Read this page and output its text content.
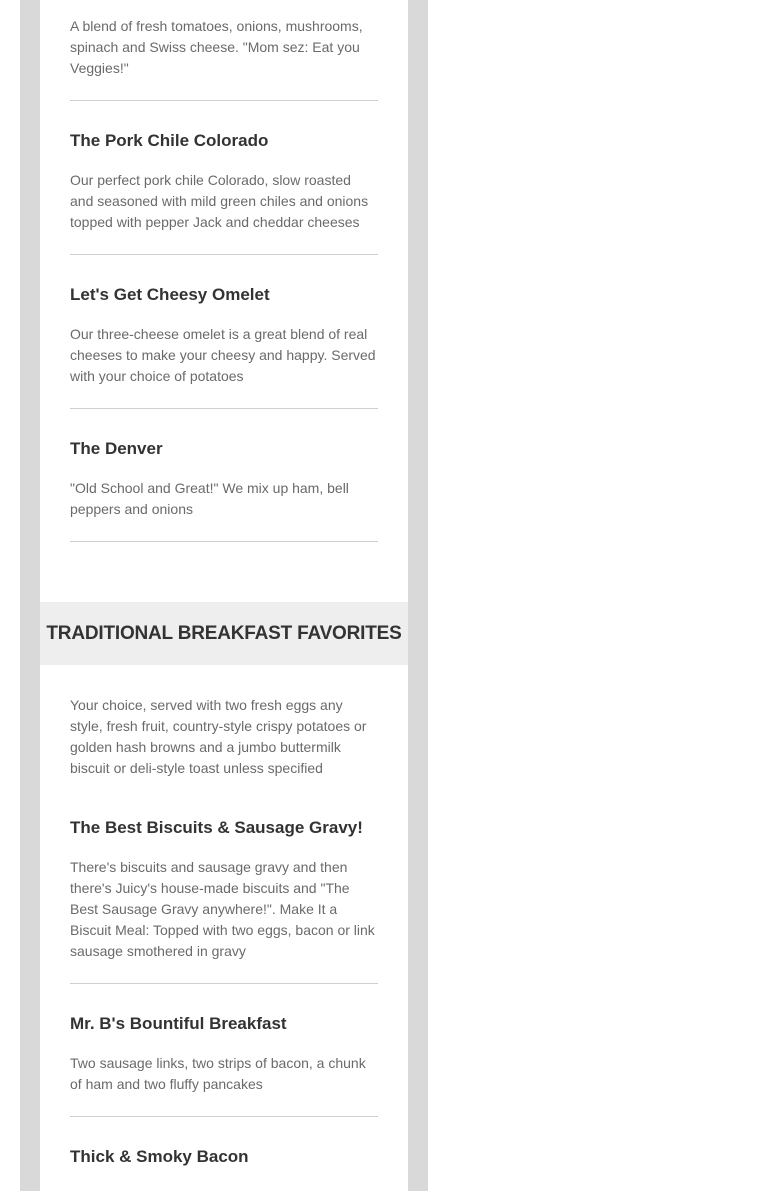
A blend of fresh tomatoes, onions, mushrooms, spinach and Swiss cheese. "Mom sez: Eat you Veggies!"

The Pork Chile Colorado

Our perfect pork chile Colorado, slow roasted and seasoned with mild green chiles and onions topped with pepper Jack and cheddar cheeses

Let's Get Cheesy Omelet

Our three-cheese omelet is a great blend of real cheeses to make your cheesy and happy. Served with your choice of potatoes

The Denver

"Old School and Great!" We mix up ham, bell peppers and onions

TRADITIONAL BREAKFAST FAVORITES

Your choice, served with two fresh eggs any style, fresh fruit, country-style crispy potatoes or golden hash browns and a jumbo buttermilk biscuit or deli-style toast unless specified

The Best Biscuits & Sausage Gravy!

There's biscuits and sausage gravy and then there's Juicy's house-made biscuits and "The Best Sausage Gravy anywhere!". Make It a Biscuit Meal: Topped with two eggs, bacon or link sausage smothered in gravy

Mr. B's Bountiful Breakfast

Two sausage links, two strips of bacon, a chunk of ham and two fluffy pancakes

Thick & Smoky Bacon
